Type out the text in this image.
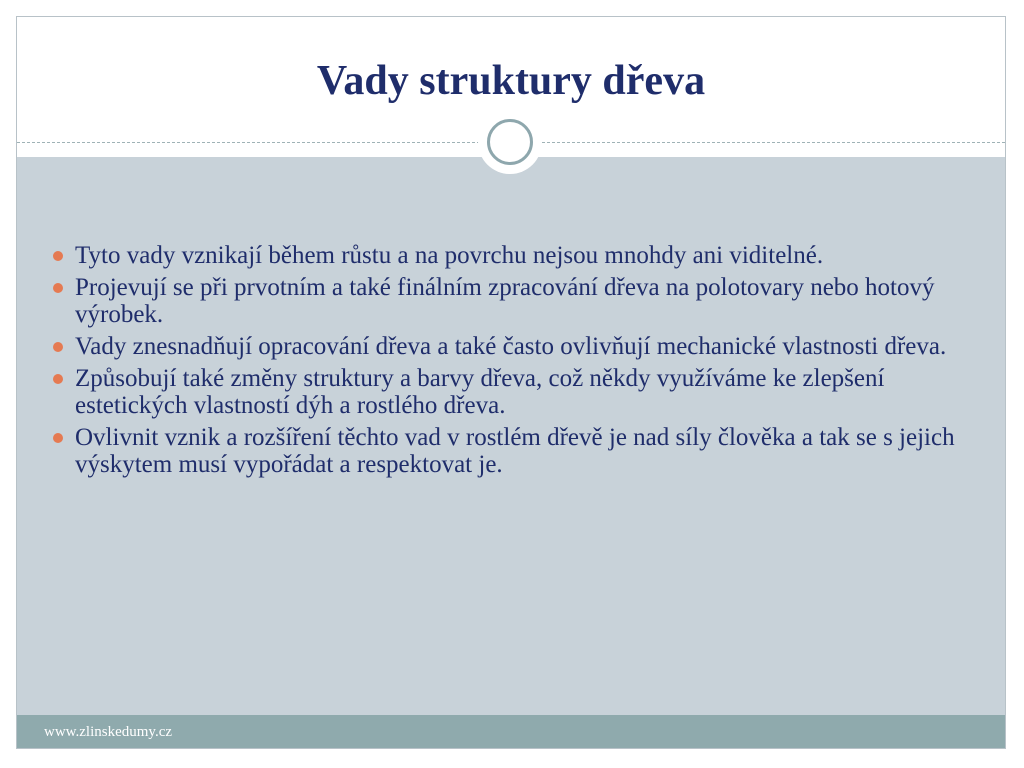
Vady struktury dřeva
Tyto vady vznikají během růstu a na povrchu nejsou mnohdy ani viditelné.
Projevují se při prvotním a také finálním zpracování dřeva na polotovary nebo hotový výrobek.
Vady znesnadňují opracování dřeva a také často ovlivňují mechanické vlastnosti dřeva.
Způsobují také změny struktury a barvy dřeva, což někdy využíváme ke zlepšení estetických vlastností dýh a rostlého dřeva.
Ovlivnit vznik a rozšíření těchto vad v rostlém dřevě je nad síly člověka a tak se s jejich výskytem musí vypořádat a respektovat je.
www.zlinskedumy.cz
